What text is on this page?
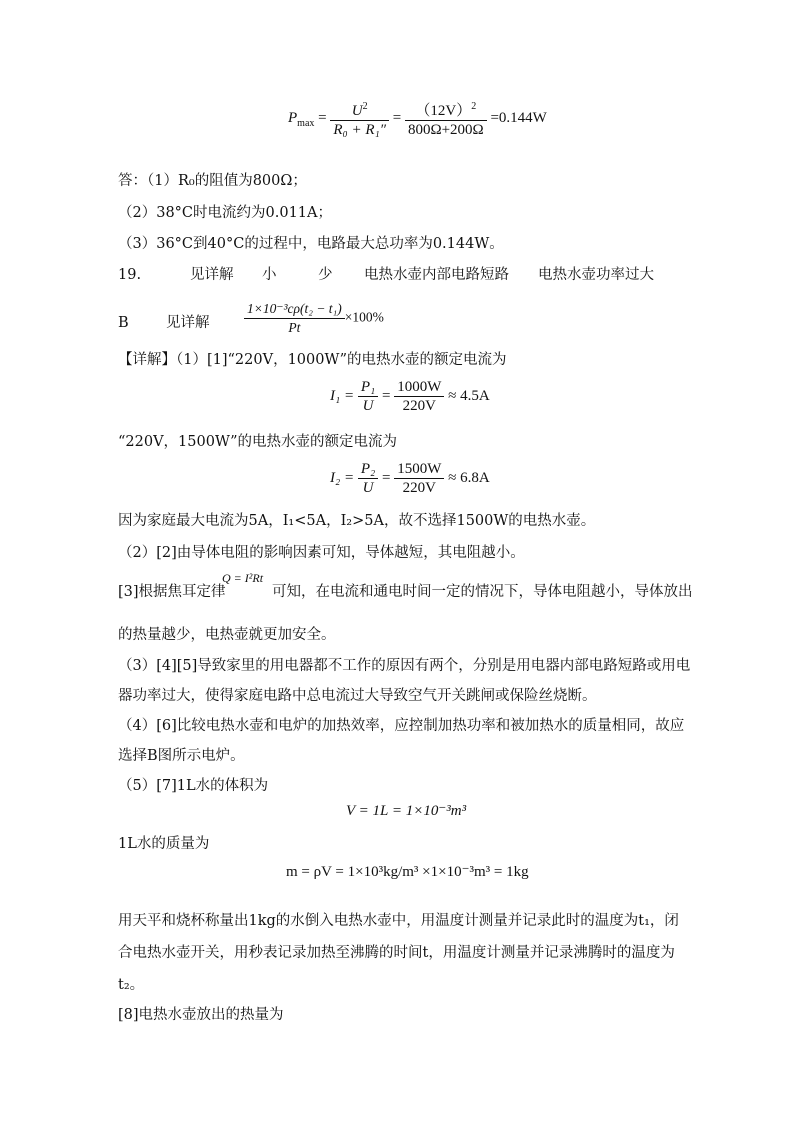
$P_{max} = \frac{U^2}{\text{R₀ + R₁″}} = \frac{(12V)^2}{800\Omega+200\Omega} =0.144W$
答：（1）R₀的阻值为800Ω；
（2）38°C时电流约为0.011A；
（3）36°C到40°C的过程中，电路最大总功率为0.144W。
19.	见详解 小	少 电热水壶内部电路短路 电热水壶功率过大
B	见详解	$\frac{\text{1×10⁻³cρ(t₂ − t₁)}}{Pt} \times 100\%$
【详解】（1）[1]“220V，1000W”的电热水壶的额定电流为
$I_1 = \frac{\text{P₁}}{U} = \frac{1000W}{220V} \approx 4.5A$
“220V，1500W”的电热水壶的额定电流为
$I_2 = \frac{\text{P₂}}{U} = \frac{1500W}{220V} \approx 6.8A$
因为家庭最大电流为5A，I₁<5A，I₂>5A，故不选择1500W的电热水壶。
（2）[2]由导体电阻的影响因素可知，导体越短，其电阻越小。
[3]根据焦耳定律
Q = I²Rt
可知，在电流和通电时间一定的情况下，导体电阻越小，导体放出
的热量越少，电热壶就更加安全。
（3）[4][5]导致家里的用电器都不工作的原因有两个，分别是用电器内部电路短路或用电
器功率过大，使得家庭电路中总电流过大导致空气开关跳闸或保险丝烧断。
（4）[6]比较电热水壶和电炉的加热效率，应控制加热功率和被加热水的质量相同，故应
选择B图所示电炉。
（5）[7]1L水的体积为
V = 1L = 1×10⁻³m³
1L水的质量为
m = ρV = 1×10³kg/m³ ×1×10⁻³m³ = 1kg
用天平和烧杯称量出1kg的水倒入电热水壶中，用温度计测量并记录此时的温度为t₁，闭
合电热水壶开关，用秒表记录加热至沸腾的时间t，用温度计测量并记录沸腾时的温度为
t₂。
[8]电热水壶放出的热量为
